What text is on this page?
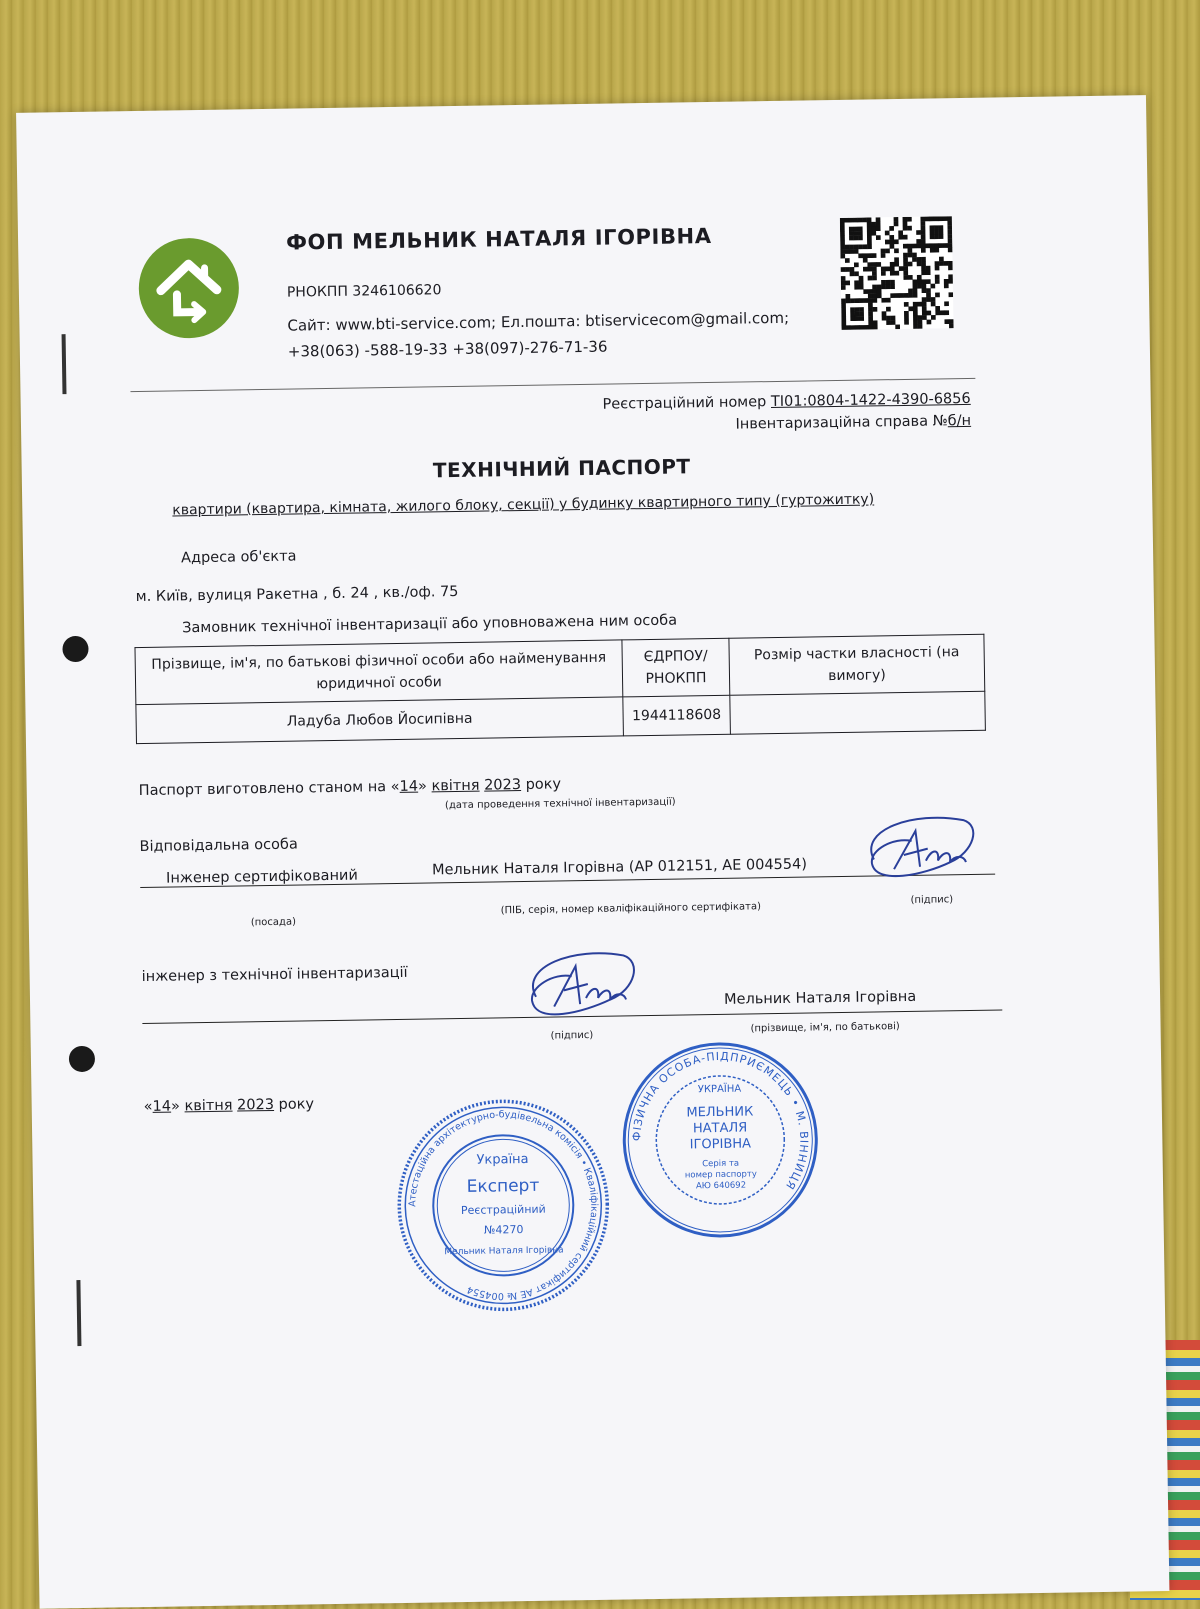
ФОП МЕЛЬНИК НАТАЛЯ ІГОРІВНА
РНОКПП 3246106620
Сайт: www.bti-service.com; Ел.пошта: btiservicecom@gmail.com;
+38(063) -588-19-33 +38(097)-276-71-36
Реєстраційний номер ТІ01:0804-1422-4390-6856
Інвентаризаційна справа №б/н
ТЕХНІЧНИЙ ПАСПОРТ
квартири (квартира, кімната, жилого блоку, секції) у будинку квартирного типу (гуртожитку)
Адреса об'єкта
м. Київ, вулиця Ракетна , б. 24 , кв./оф. 75
Замовник технічної інвентаризації або уповноважена ним особа
Прізвище, ім'я, по батькові фізичної особи або найменування юридичної особи	ЄДРПОУ/ РНОКПП	Розмір частки власності (на вимогу)
Ладуба Любов Йосипівна	1944118608	
Паспорт виготовлено станом на «14» квітня 2023 року
(дата проведення технічної інвентаризації)
Відповідальна особа
Інженер сертифікований	Мельник Наталя Ігорівна (АР 012151, АЕ 004554)
(посада)
(ПІБ, серія, номер кваліфікаційного сертифіката)
(підпис)
інженер з технічної інвентаризації
Мельник Наталя Ігорівна
(підпис)
(прізвище, ім'я, по батькові)
«14» квітня 2023 року
Атестаційна архітектурно-будівельна комісія • Кваліфікаційний сертифікат АЕ № 004554
Україна
Експерт
Реєстраційний
№4270
Мельник Наталя Ігорівна
ФІЗИЧНА ОСОБА-ПІДПРИЄМЕЦЬ • М. ВІННИЦЯ
УКРАЇНА
МЕЛЬНИК
НАТАЛЯ
ІГОРІВНА
Серія та
номер паспорту
АЮ 640692
